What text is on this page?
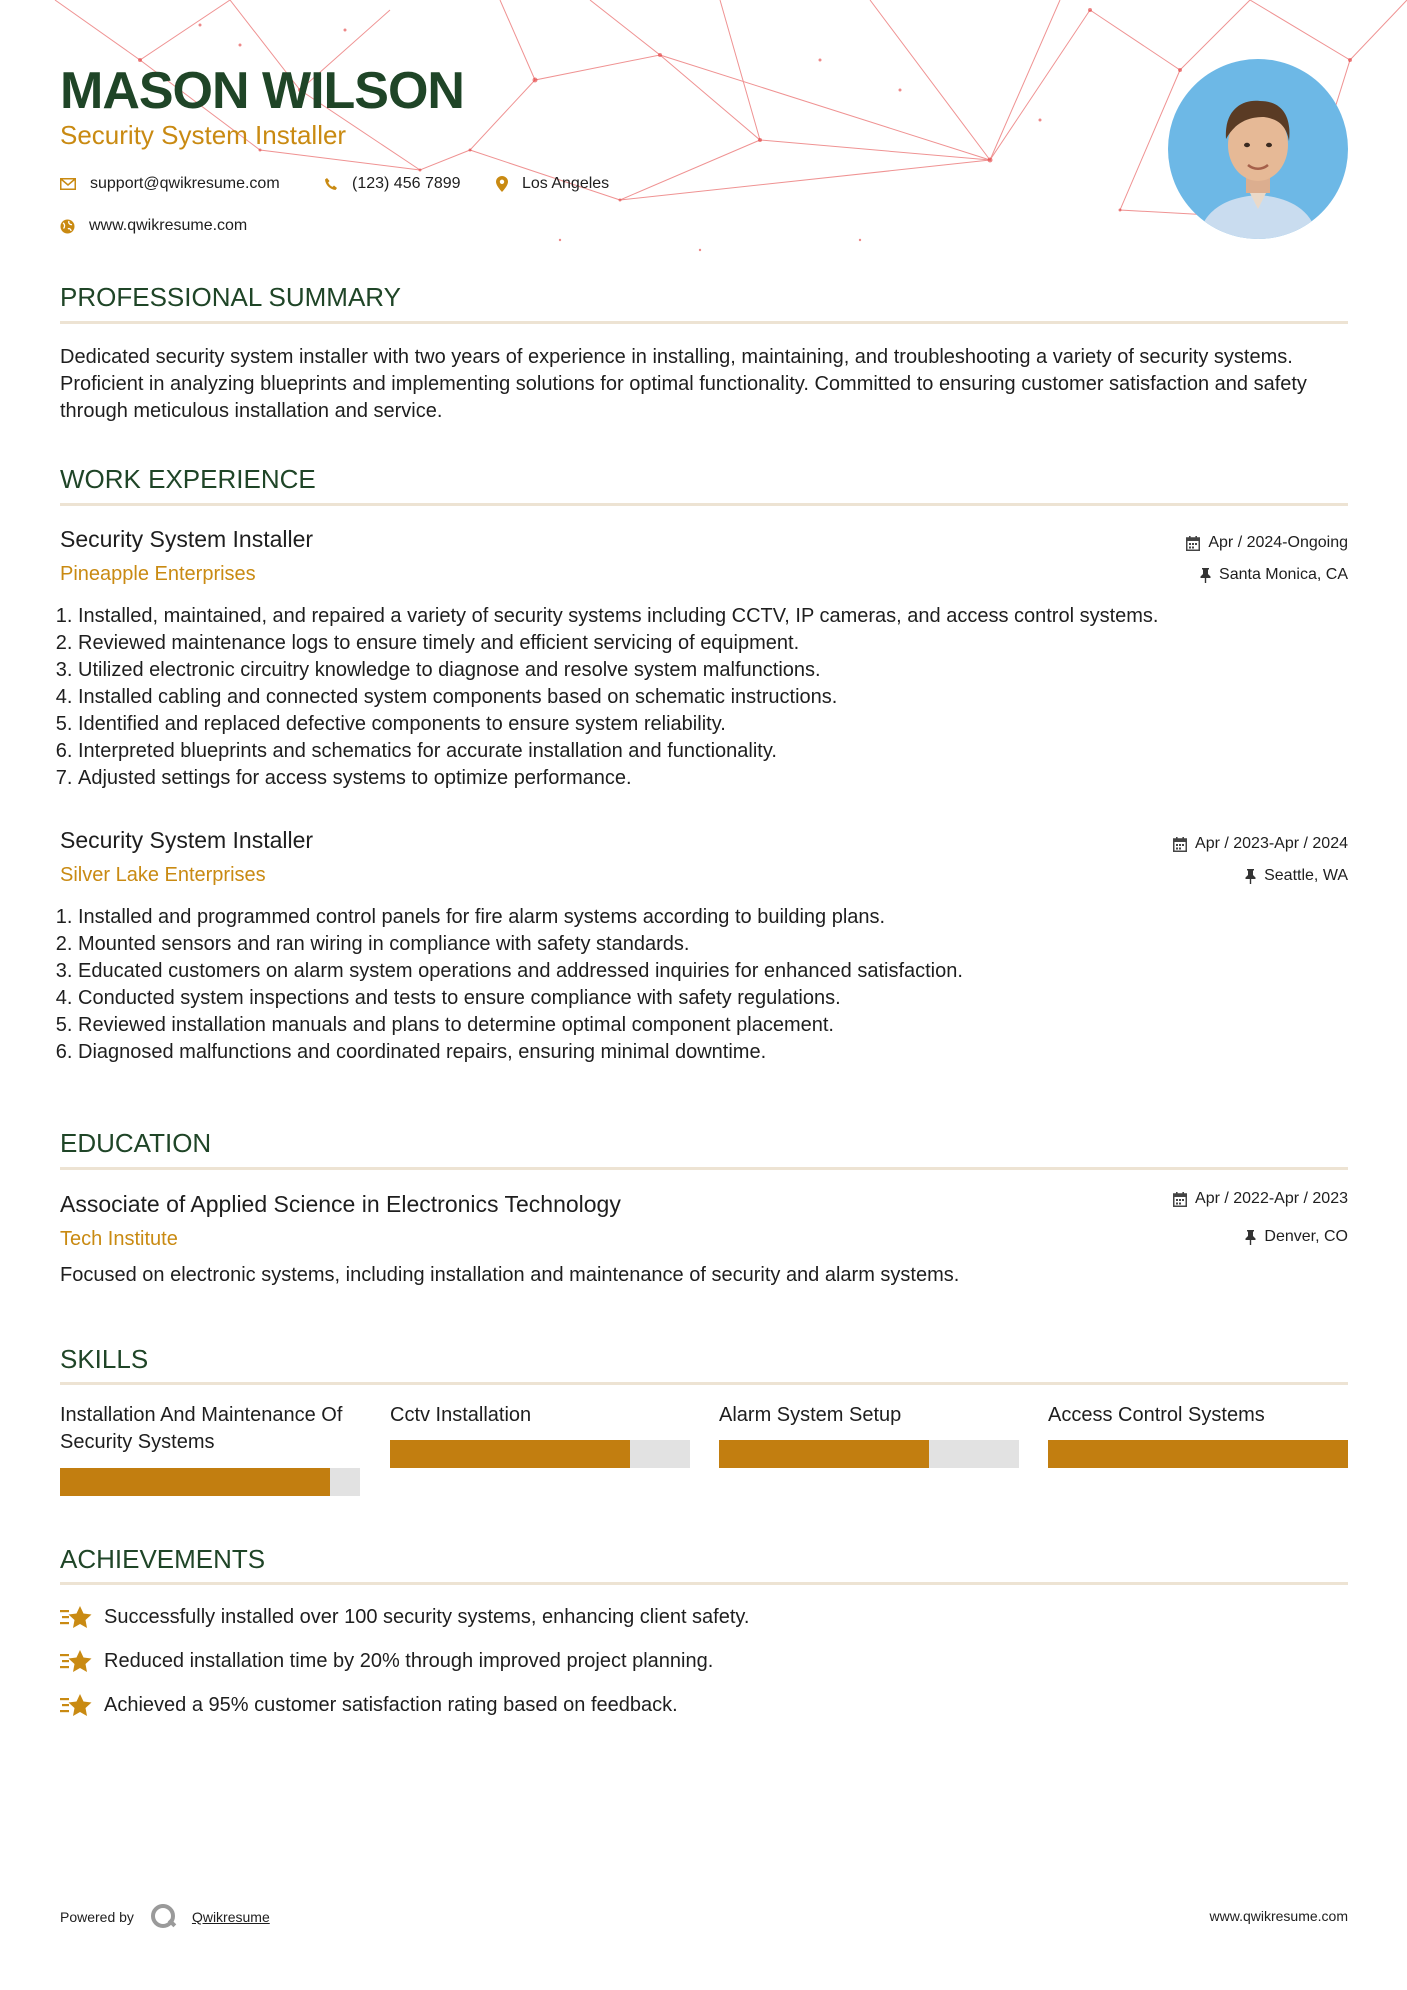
MASON WILSON
Security System Installer
support@qwikresume.com	(123) 456 7899	Los Angeles
www.qwikresume.com
PROFESSIONAL SUMMARY

Dedicated security system installer with two years of experience in installing, maintaining, and troubleshooting a variety of security systems. Proficient in analyzing blueprints and implementing solutions for optimal functionality. Committed to ensuring customer satisfaction and safety through meticulous installation and service.

WORK EXPERIENCE
Security System Installer
Pineapple Enterprises
Apr / 2024-Ongoing
Santa Monica, CA
1. Installed, maintained, and repaired a variety of security systems including CCTV, IP cameras, and access control systems.
2. Reviewed maintenance logs to ensure timely and efficient servicing of equipment.
3. Utilized electronic circuitry knowledge to diagnose and resolve system malfunctions.
4. Installed cabling and connected system components based on schematic instructions.
5. Identified and replaced defective components to ensure system reliability.
6. Interpreted blueprints and schematics for accurate installation and functionality.
7. Adjusted settings for access systems to optimize performance.
Security System Installer
Silver Lake Enterprises
Apr / 2023-Apr / 2024
Seattle, WA
1. Installed and programmed control panels for fire alarm systems according to building plans.
2. Mounted sensors and ran wiring in compliance with safety standards.
3. Educated customers on alarm system operations and addressed inquiries for enhanced satisfaction.
4. Conducted system inspections and tests to ensure compliance with safety regulations.
5. Reviewed installation manuals and plans to determine optimal component placement.
6. Diagnosed malfunctions and coordinated repairs, ensuring minimal downtime.
EDUCATION
Associate of Applied Science in Electronics Technology
Tech Institute
Apr / 2022-Apr / 2023
Denver, CO

Focused on electronic systems, including installation and maintenance of security and alarm systems.

SKILLS
Installation And Maintenance Of Security Systems
Cctv Installation	Alarm System Setup	Access Control Systems
ACHIEVEMENTS
Successfully installed over 100 security systems, enhancing client safety.
Reduced installation time by 20% through improved project planning.
Achieved a 95% customer satisfaction rating based on feedback.
Powered by	Qwikresume	www.qwikresume.com
